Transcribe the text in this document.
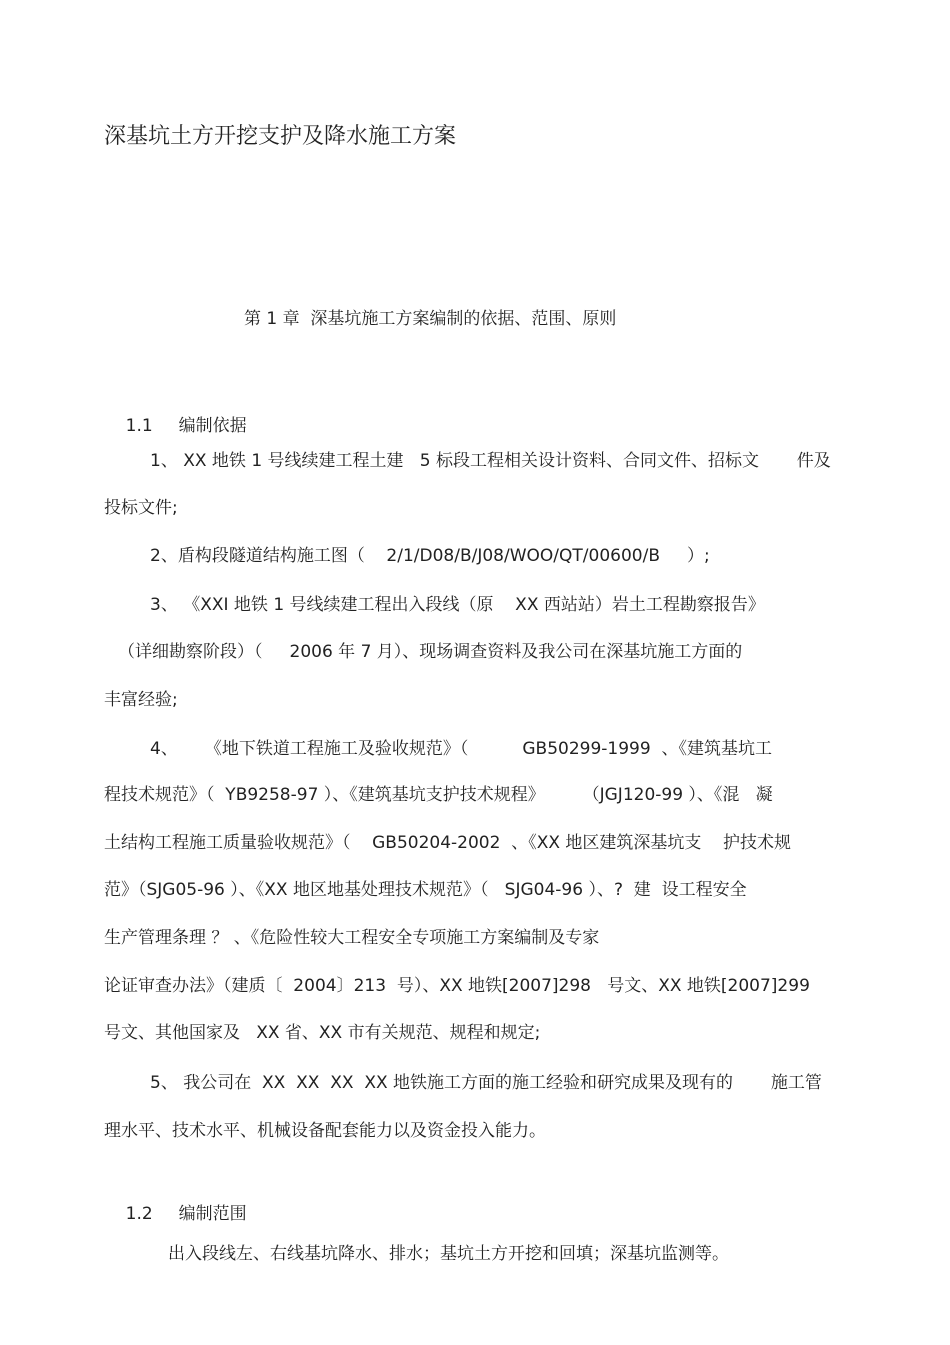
深基坑土方开挖支护及降水施工方案
第 1 章  深基坑施工方案编制的依据、范围、原则

1.1 编制依据

1、 XX 地铁 1 号线续建工程土建   5 标段工程相关设计资料、合同文件、招标文       件及
投标文件;
2、盾构段隧道结构施工图（    2/1/D08/B/J08/WOO/QT/00600/B     ）;
3、 《XXI 地铁 1 号线续建工程出入段线（原    XX 西站站）岩土工程勘察报告》
（详细勘察阶段）（     2006 年 7 月）、现场调查资料及我公司在深基坑施工方面的
丰富经验;
4、     《地下铁道工程施工及验收规范》（          GB50299-1999  、《建筑基坑工
程技术规范》（  YB9258-97 ）、《建筑基坑支护技术规程》       （JGJ120-99 ）、《混   凝
土结构工程施工质量验收规范》（    GB50204-2002  、《XX 地区建筑深基坑支    护技术规
范》（SJG05-96 ）、《XX 地区地基处理技术规范》（   SJG04-96 ）、?  建  设工程安全
生产管理条理 ？ 、《危险性较大工程安全专项施工方案编制及专家
论证审查办法》（建质〔  2004〕213  号）、XX 地铁[2007]298   号文、XX 地铁[2007]299
号文、其他国家及   XX 省、XX 市有关规范、规程和规定;
5、 我公司在  XX  XX  XX  XX 地铁施工方面的施工经验和研究成果及现有的       施工管
理水平、技术水平、机械设备配套能力以及资金投入能力。

1.2 编制范围

出入段线左、右线基坑降水、排水；基坑土方开挖和回填；深基坑监测等。
